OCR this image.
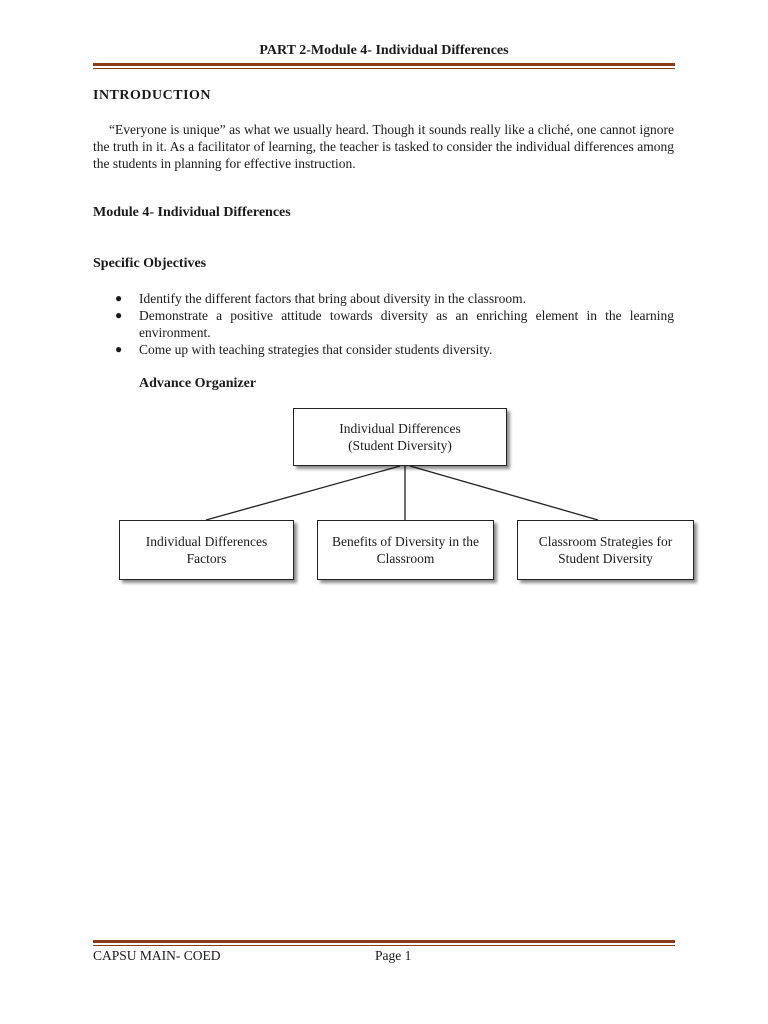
PART 2-Module 4- Individual Differences
INTRODUCTION

“Everyone is unique” as what we usually heard. Though it sounds really like a cliché, one cannot ignore the truth in it. As a facilitator of learning, the teacher is tasked to consider the individual differences among the students in planning for effective instruction.

Module 4- Individual Differences
Specific Objectives
● Identify the different factors that bring about diversity in the classroom.
● Demonstrate a positive attitude towards diversity as an enriching element in the learning environment.
● Come up with teaching strategies that consider students diversity.
Advance Organizer
Individual Differences
(Student Diversity)
Individual Differences Factors
Benefits of Diversity in the Classroom
Classroom Strategies for Student Diversity
CAPSU MAIN- COED	Page 1
